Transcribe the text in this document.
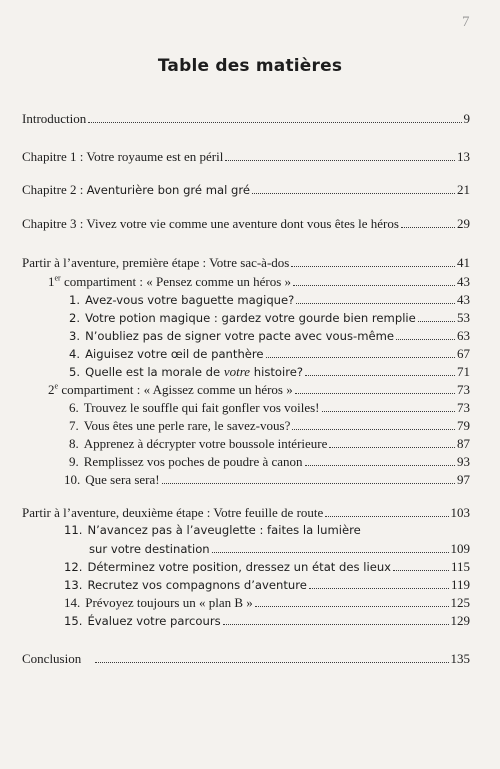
7
Table des matières
Introduction	9
Chapitre 1 : Votre royaume est en péril	13
Chapitre 2 : Aventurière bon gré mal gré	21
Chapitre 3 : Vivez votre vie comme une aventure dont vous êtes le héros	29
Partir à l’aventure, première étape : Votre sac-à-dos	41
1er compartiment : « Pensez comme un héros »	43
1. Avez-vous votre baguette magique?	43
2. Votre potion magique : gardez votre gourde bien remplie	53
3. N’oubliez pas de signer votre pacte avec vous-même	63
4. Aiguisez votre œil de panthère	67
5. Quelle est la morale de votre histoire?	71
2e compartiment : « Agissez comme un héros »	73
6. Trouvez le souffle qui fait gonfler vos voiles!	73
7. Vous êtes une perle rare, le savez-vous?	79
8. Apprenez à décrypter votre boussole intérieure	87
9. Remplissez vos poches de poudre à canon	93
10. Que sera sera!	97
Partir à l’aventure, deuxième étape : Votre feuille de route	103
11. N’avancez pas à l’aveuglette : faites la lumière
sur votre destination	109
12. Déterminez votre position, dressez un état des lieux	115
13. Recrutez vos compagnons d’aventure	119
14. Prévoyez toujours un « plan B »	125
15. Évaluez votre parcours	129
Conclusion	135
